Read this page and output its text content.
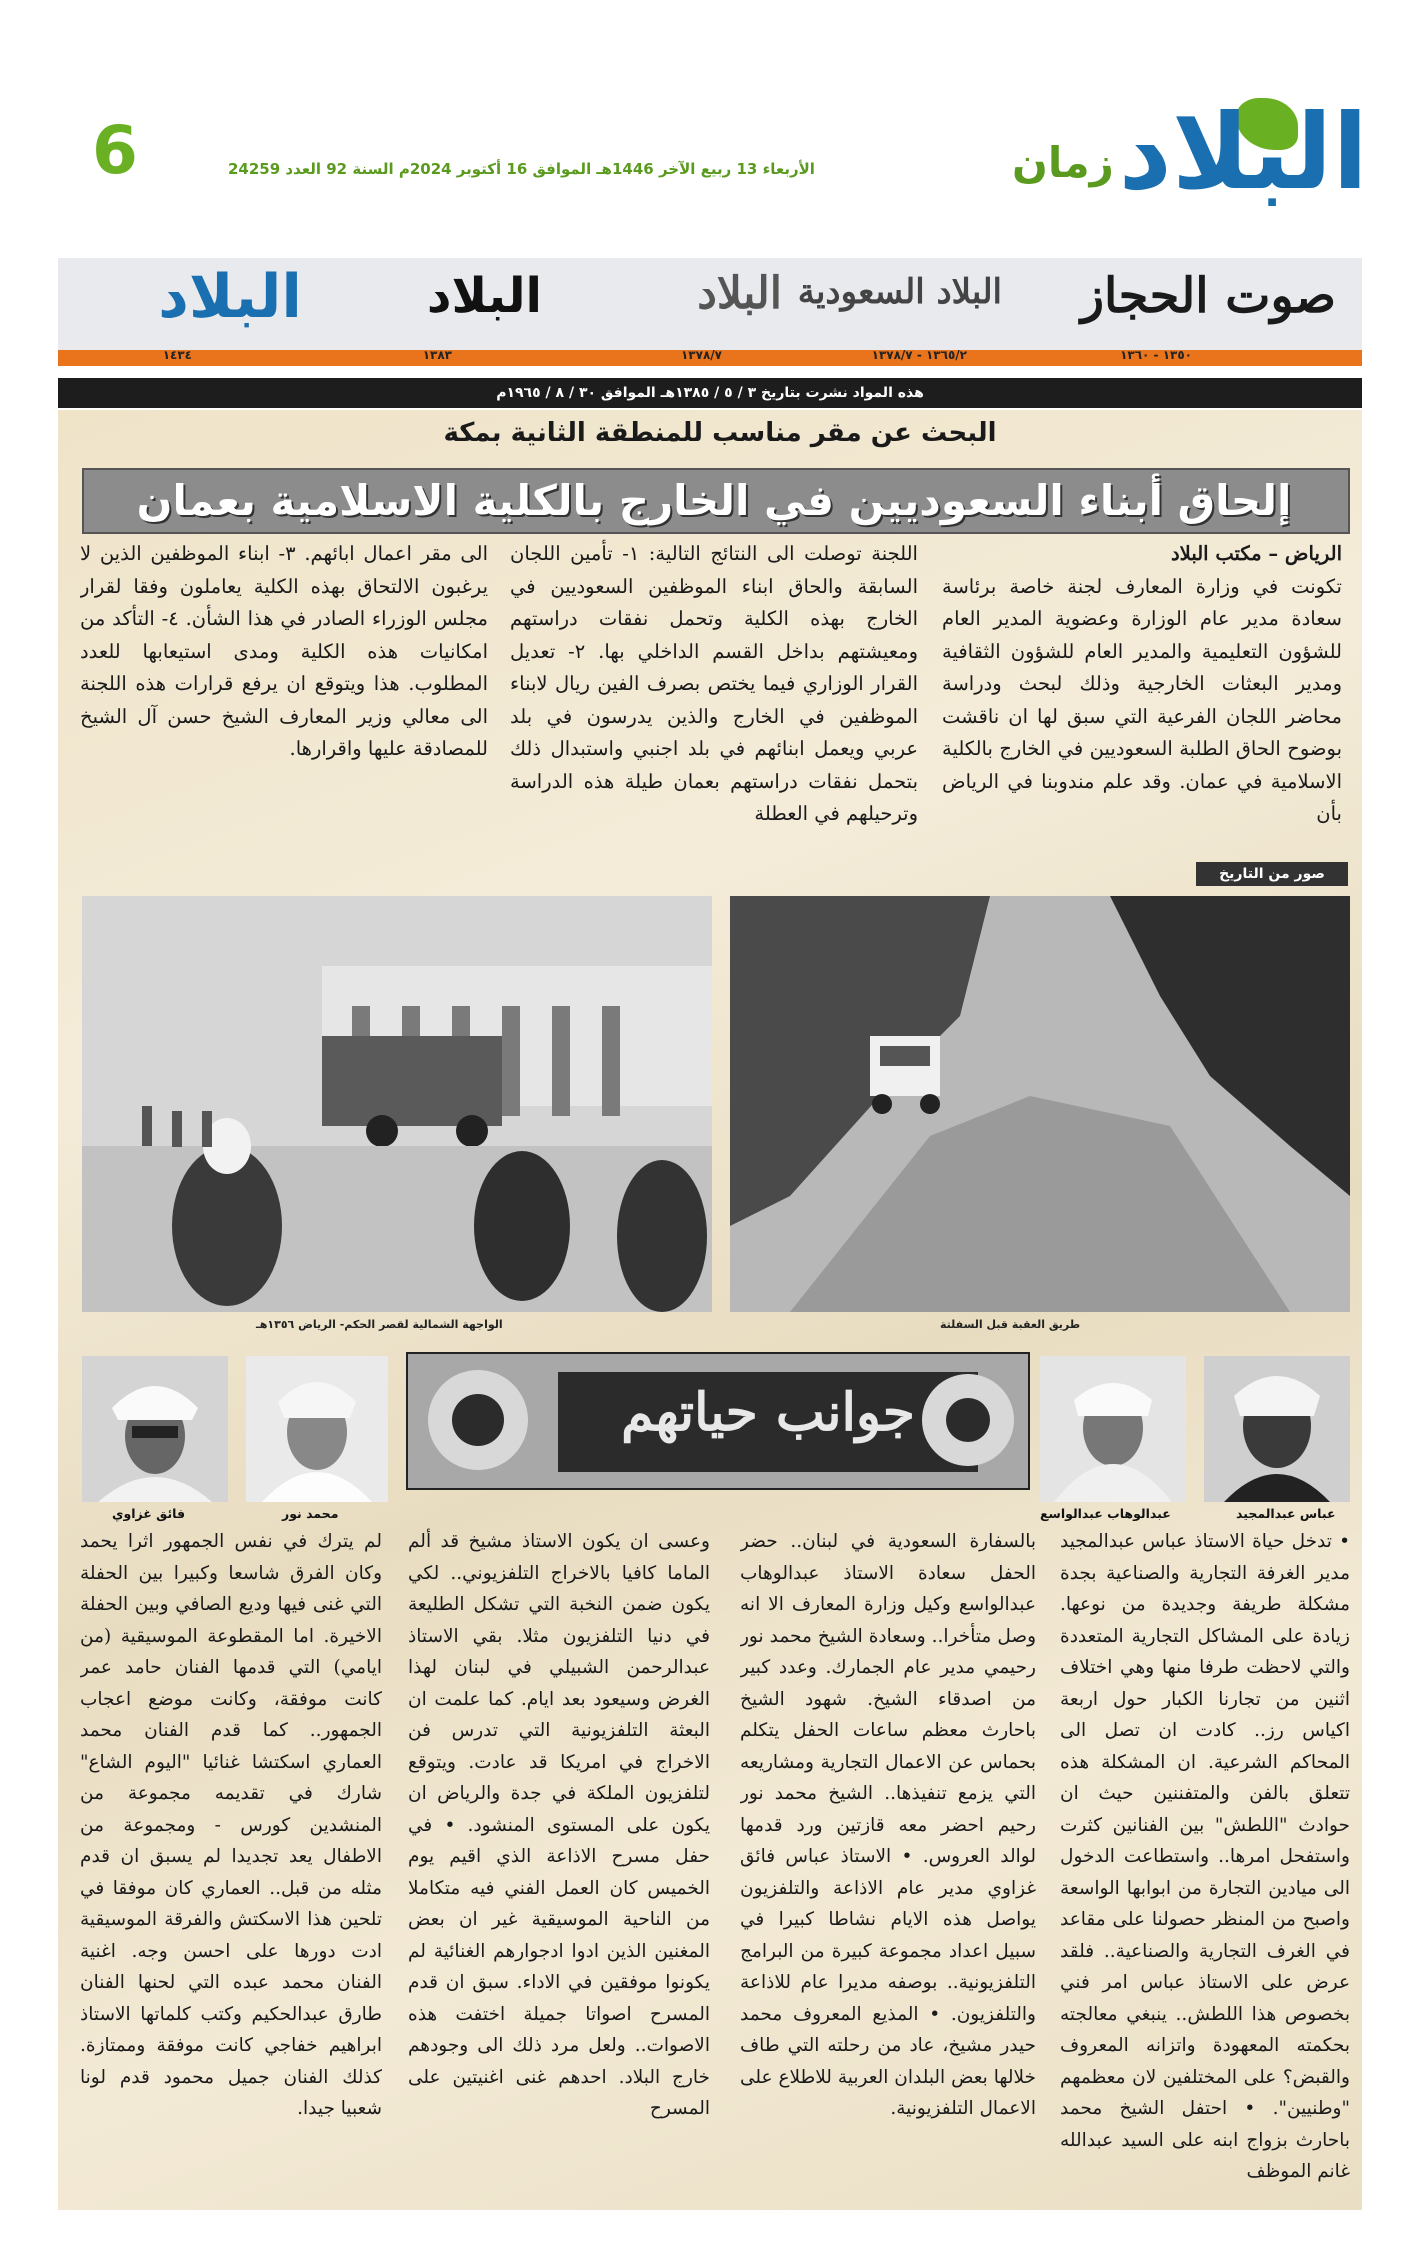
6	الأربعاء 13 ربيع الآخر 1446هـ الموافق 16 أكتوبر 2024م السنة 92 العدد 24259	زمان البلاد
صوت الحجاز
البلاد السعودية
البلاد
البلاد
البلاد
١٣٥٠ - ١٣٦٠
١٣٦٥/٢ - ١٣٧٨/٧
١٣٧٨/٧
١٣٨٣
١٤٣٤
هذه المواد نشرت بتاريخ ٣ / ٥ / ١٣٨٥هـ الموافق ٣٠ / ٨ / ١٩٦٥م
البحث عن مقر مناسب للمنطقة الثانية بمكة
إلحاق أبناء السعوديين في الخارج بالكلية الاسلامية بعمان
الرياض – مكتب البلاد
تكونت في وزارة المعارف لجنة خاصة برئاسة سعادة مدير عام الوزارة وعضوية المدير العام للشؤون التعليمية والمدير العام للشؤون الثقافية ومدير البعثات الخارجية وذلك لبحث ودراسة محاضر اللجان الفرعية التي سبق لها ان ناقشت بوضوح الحاق الطلبة السعوديين في الخارج بالكلية الاسلامية في عمان. وقد علم مندوبنا في الرياض بأن
اللجنة توصلت الى النتائج التالية: ١- تأمين اللجان السابقة والحاق ابناء الموظفين السعوديين في الخارج بهذه الكلية وتحمل نفقات دراستهم ومعيشتهم بداخل القسم الداخلي بها. ٢- تعديل القرار الوزاري فيما يختص بصرف الفين ريال لابناء الموظفين في الخارج والذين يدرسون في بلد عربي ويعمل ابنائهم في بلد اجنبي واستبدال ذلك بتحمل نفقات دراستهم بعمان طيلة هذه الدراسة وترحيلهم في العطلة
الى مقر اعمال ابائهم. ٣- ابناء الموظفين الذين لا يرغبون الالتحاق بهذه الكلية يعاملون وفقا لقرار مجلس الوزراء الصادر في هذا الشأن. ٤- التأكد من امكانيات هذه الكلية ومدى استيعابها للعدد المطلوب. هذا ويتوقع ان يرفع قرارات هذه اللجنة الى معالي وزير المعارف الشيخ حسن آل الشيخ للمصادقة عليها واقرارها.
صور من التاريخ
طريق العقبة قبل السفلتة
الواجهة الشمالية لقصر الحكم- الرياض ١٣٥٦هـ
عباس عبدالمجيد
عبدالوهاب عبدالواسع
جوانب حياتهم
محمد نور
فائق غزاوي
• تدخل حياة الاستاذ عباس عبدالمجيد مدير الغرفة التجارية والصناعية بجدة مشكلة طريفة وجديدة من نوعها. زيادة على المشاكل التجارية المتعددة والتي لاحظت طرفا منها وهي اختلاف اثنين من تجارنا الكبار حول اربعة اكياس رز.. كادت ان تصل الى المحاكم الشرعية. ان المشكلة هذه تتعلق بالفن والمتفننين حيث ان حوادث "اللطش" بين الفنانين كثرت واستفحل امرها.. واستطاعت الدخول الى ميادين التجارة من ابوابها الواسعة واصبح من المنظر حصولنا على مقاعد في الغرف التجارية والصناعية.. فلقد عرض على الاستاذ عباس امر فني بخصوص هذا اللطش.. ينبغي معالجته بحكمته المعهودة واتزانه المعروف والقبض؟ على المختلفين لان معظمهم "وطنيين". • احتفل الشيخ محمد باحارث بزواج ابنه على السيد عبدالله غانم الموظف
بالسفارة السعودية في لبنان.. حضر الحفل سعادة الاستاذ عبدالوهاب عبدالواسع وكيل وزارة المعارف الا انه وصل متأخرا.. وسعادة الشيخ محمد نور رحيمي مدير عام الجمارك. وعدد كبير من اصدقاء الشيخ. شهود الشيخ باحارث معظم ساعات الحفل يتكلم بحماس عن الاعمال التجارية ومشاريعه التي يزمع تنفيذها.. الشيخ محمد نور رحيم احضر معه قازتين ورد قدمها لوالد العروس. • الاستاذ عباس فائق غزاوي مدير عام الاذاعة والتلفزيون يواصل هذه الايام نشاطا كبيرا في سبيل اعداد مجموعة كبيرة من البرامج التلفزيونية.. بوصفه مديرا عام للاذاعة والتلفزيون. • المذيع المعروف محمد حيدر مشيخ، عاد من رحلته التي طاف خلالها بعض البلدان العربية للاطلاع على الاعمال التلفزيونية.
وعسى ان يكون الاستاذ مشيخ قد ألم الماما كافيا بالاخراج التلفزيوني.. لكي يكون ضمن النخبة التي تشكل الطليعة في دنيا التلفزيون مثلا. بقي الاستاذ عبدالرحمن الشبيلي في لبنان لهذا الغرض وسيعود بعد ايام. كما علمت ان البعثة التلفزيونية التي تدرس فن الاخراج في امريكا قد عادت. ويتوقع لتلفزيون الملكة في جدة والرياض ان يكون على المستوى المنشود. • في حفل مسرح الاذاعة الذي اقيم يوم الخميس كان العمل الفني فيه متكاملا من الناحية الموسيقية غير ان بعض المغنين الذين ادوا ادجوارهم الغنائية لم يكونوا موفقين في الاداء. سبق ان قدم المسرح اصواتا جميلة اختفت هذه الاصوات.. ولعل مرد ذلك الى وجودهم خارج البلاد. احدهم غنى اغنيتين على المسرح
لم يترك في نفس الجمهور اثرا يحمد وكان الفرق شاسعا وكبيرا بين الحفلة التي غنى فيها وديع الصافي وبين الحفلة الاخيرة. اما المقطوعة الموسيقية (من ايامي) التي قدمها الفنان حامد عمر كانت موفقة، وكانت موضع اعجاب الجمهور.. كما قدم الفنان محمد العماري اسكتشا غنائيا "اليوم الشاع" شارك في تقديمه مجموعة من المنشدين كورس - ومجموعة من الاطفال يعد تجديدا لم يسبق ان قدم مثله من قبل.. العماري كان موفقا في تلحين هذا الاسكتش والفرقة الموسيقية ادت دورها على احسن وجه. اغنية الفنان محمد عبده التي لحنها الفنان طارق عبدالحكيم وكتب كلماتها الاستاذ ابراهيم خفاجي كانت موفقة وممتازة. كذلك الفنان جميل محمود قدم لونا شعبيا جيدا.
